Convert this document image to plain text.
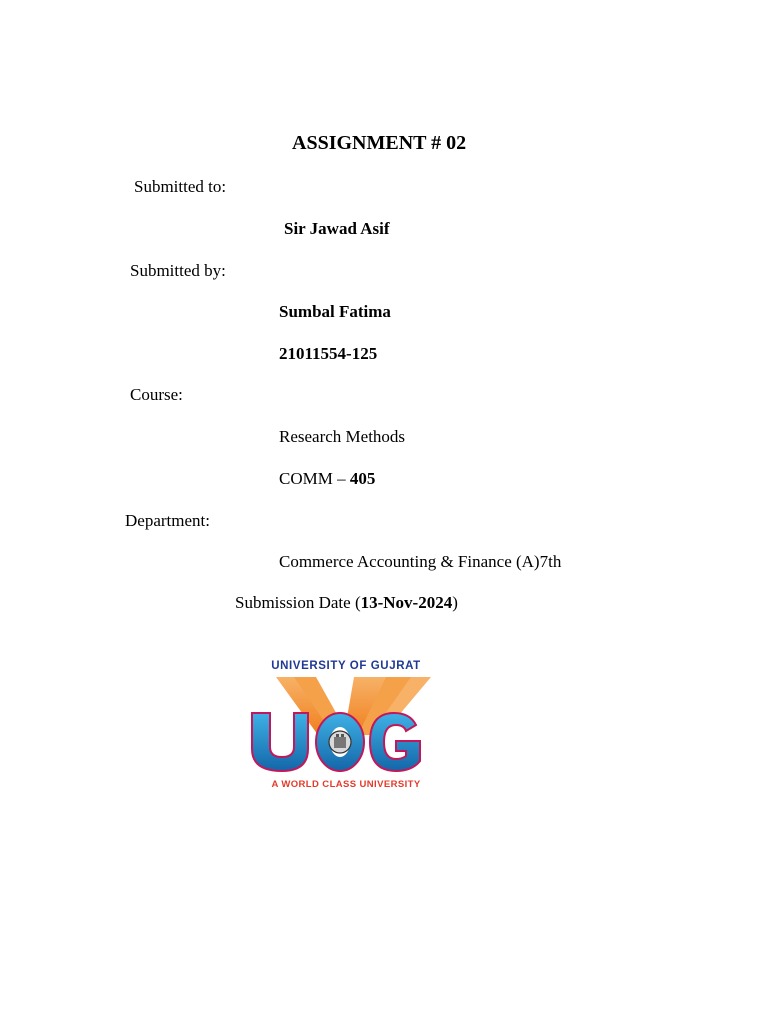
ASSIGNMENT # 02
Submitted to:
Sir Jawad Asif
Submitted by:
Sumbal Fatima
21011554-125
Course:
Research Methods
COMM – 405
Department:
Commerce Accounting & Finance (A)7th
Submission Date (13-Nov-2024)
UNIVERSITY OF GUJRAT
A WORLD CLASS UNIVERSITY
